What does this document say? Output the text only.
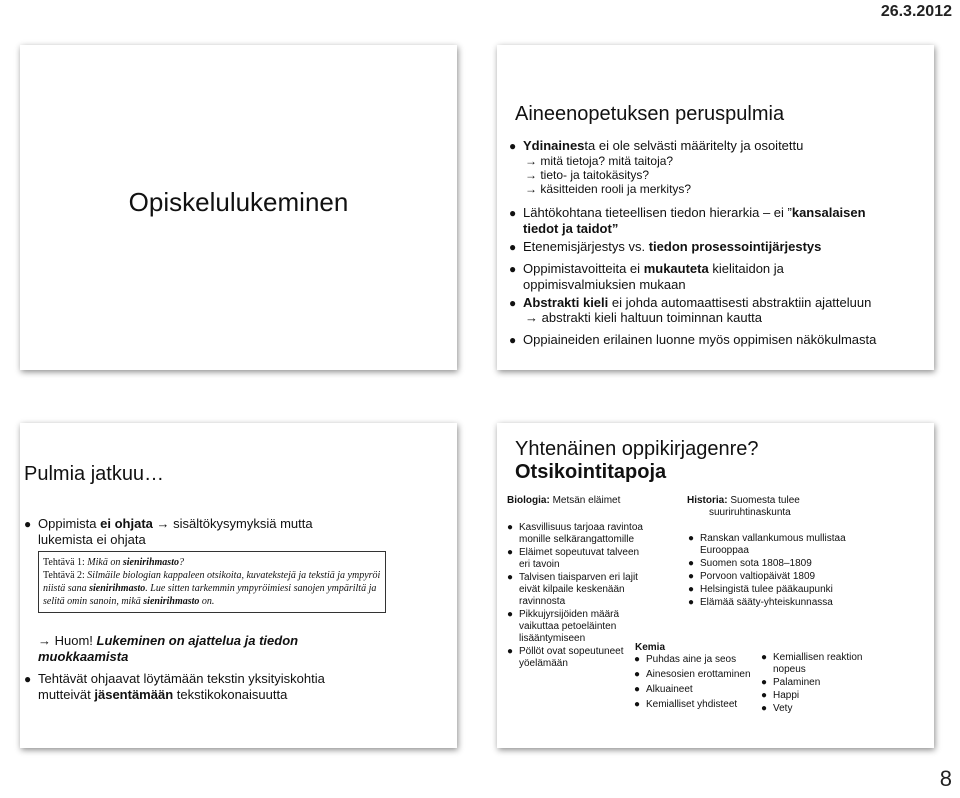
26.3.2012
Opiskelulukeminen
Aineenopetuksen peruspulmia
● Ydinainesta ei ole selvästi määritelty ja osoitettu
→ mitä tietoja? mitä taitoja?
→ tieto- ja taitokäsitys?
→ käsitteiden rooli ja merkitys?
● Lähtökohtana tieteellisen tiedon hierarkia – ei ”kansalaisen
tiedot ja taidot”
● Etenemisjärjestys vs. tiedon prosessointijärjestys
● Oppimistavoitteita ei mukauteta kielitaidon ja
oppimisvalmiuksien mukaan
● Abstrakti kieli ei johda automaattisesti abstraktiin ajatteluun
→ abstrakti kieli haltuun toiminnan kautta
● Oppiaineiden erilainen luonne myös oppimisen näkökulmasta
Pulmia jatkuu…
● Oppimista ei ohjata → sisältökysymyksiä mutta
lukemista ei ohjata
Tehtävä 1: Mikä on sienirihmasto?
Tehtävä 2: Silmäile biologian kappaleen otsikoita, kuvatekstejä ja tekstiä ja ympyröi niistä sana sienirihmasto. Lue sitten tarkemmin ympyröimiesi sanojen ympäriltä ja selitä omin sanoin, mikä sienirihmasto on.
→ Huom! Lukeminen on ajattelua ja tiedon
muokkaamista
● Tehtävät ohjaavat löytämään tekstin yksityiskohtia
mutteivät jäsentämään tekstikokonaisuutta
Yhtenäinen oppikirjagenre?
Otsikointitapoja
Biologia: Metsän eläimet
● Kasvillisuus tarjoaa ravintoa
monille selkärangattomille
● Eläimet sopeutuvat talveen
eri tavoin
● Talvisen tiaisparven eri lajit
eivät kilpaile keskenään
ravinnosta
● Pikkujyrsijöiden määrä
vaikuttaa petoeläinten
lisääntymiseen
● Pöllöt ovat sopeutuneet
yöelämään
Historia: Suomesta tulee
suuriruhtinaskunta
● Ranskan vallankumous mullistaa
Eurooppaa
● Suomen sota 1808–1809
● Porvoon valtiopäivät 1809
● Helsingistä tulee pääkaupunki
● Elämää sääty-yhteiskunnassa
Kemia
● Puhdas aine ja seos
● Ainesosien erottaminen
● Alkuaineet
● Kemialliset yhdisteet
● Kemiallisen reaktion
nopeus
● Palaminen
● Happi
● Vety
8
